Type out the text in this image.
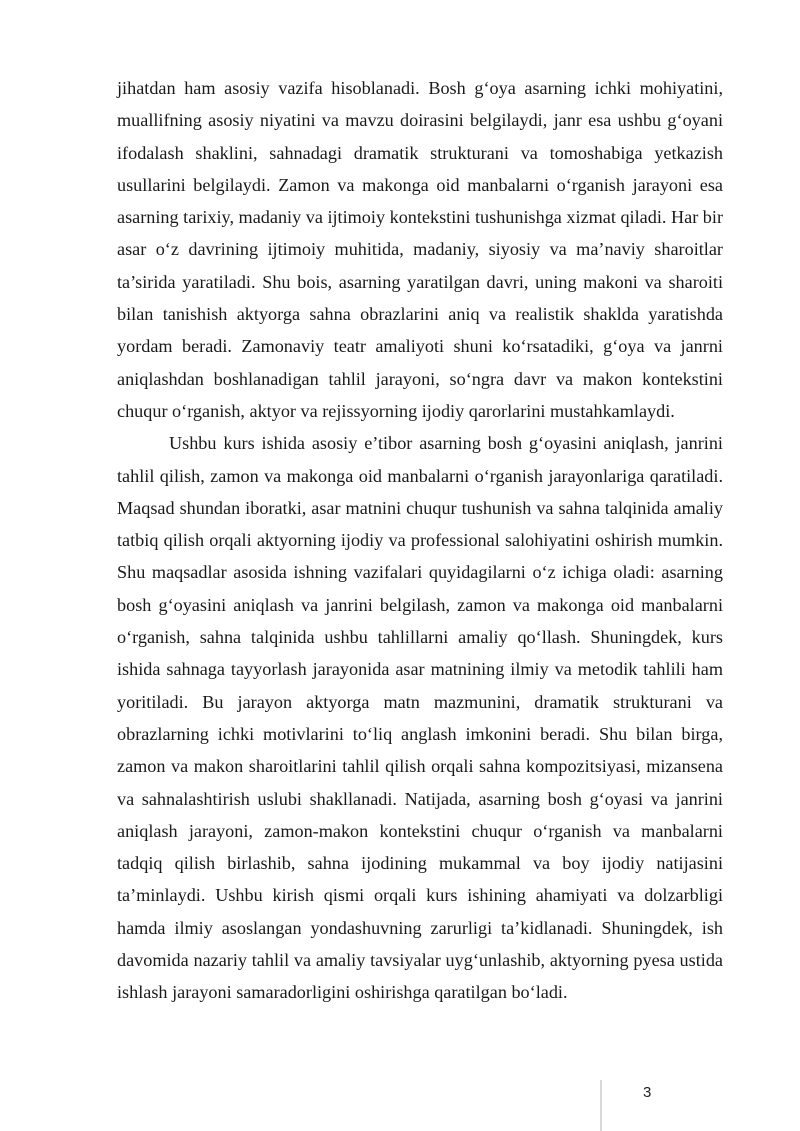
jihatdan ham asosiy vazifa hisoblanadi. Bosh g‘oya asarning ichki mohiyatini, muallifning asosiy niyatini va mavzu doirasini belgilaydi, janr esa ushbu g‘oyani ifodalash shaklini, sahnadagi dramatik strukturani va tomoshabiga yetkazish usullarini belgilaydi. Zamon va makonga oid manbalarni o‘rganish jarayoni esa asarning tarixiy, madaniy va ijtimoiy kontekstini tushunishga xizmat qiladi. Har bir asar o‘z davrining ijtimoiy muhitida, madaniy, siyosiy va ma’naviy sharoitlar ta’sirida yaratiladi. Shu bois, asarning yaratilgan davri, uning makoni va sharoiti bilan tanishish aktyorga sahna obrazlarini aniq va realistik shaklda yaratishda yordam beradi. Zamonaviy teatr amaliyoti shuni ko‘rsatadiki, g‘oya va janrni aniqlashdan boshlanadigan tahlil jarayoni, so‘ngra davr va makon kontekstini chuqur o‘rganish, aktyor va rejissyorning ijodiy qarorlarini mustahkamlaydi.

Ushbu kurs ishida asosiy e’tibor asarning bosh g‘oyasini aniqlash, janrini tahlil qilish, zamon va makonga oid manbalarni o‘rganish jarayonlariga qaratiladi. Maqsad shundan iboratki, asar matnini chuqur tushunish va sahna talqinida amaliy tatbiq qilish orqali aktyorning ijodiy va professional salohiyatini oshirish mumkin. Shu maqsadlar asosida ishning vazifalari quyidagilarni o‘z ichiga oladi: asarning bosh g‘oyasini aniqlash va janrini belgilash, zamon va makonga oid manbalarni o‘rganish, sahna talqinida ushbu tahlillarni amaliy qo‘llash. Shuningdek, kurs ishida sahnaga tayyorlash jarayonida asar matnining ilmiy va metodik tahlili ham yoritiladi. Bu jarayon aktyorga matn mazmunini, dramatik strukturani va obrazlarning ichki motivlarini to‘liq anglash imkonini beradi. Shu bilan birga, zamon va makon sharoitlarini tahlil qilish orqali sahna kompozitsiyasi, mizansena va sahnalashtirish uslubi shakllanadi. Natijada, asarning bosh g‘oyasi va janrini aniqlash jarayoni, zamon-makon kontekstini chuqur o‘rganish va manbalarni tadqiq qilish birlashib, sahna ijodining mukammal va boy ijodiy natijasini ta’minlaydi. Ushbu kirish qismi orqali kurs ishining ahamiyati va dolzarbligi hamda ilmiy asoslangan yondashuvning zarurligi ta’kidlanadi. Shuningdek, ish davomida nazariy tahlil va amaliy tavsiyalar uyg‘unlashib, aktyorning pyesa ustida ishlash jarayoni samaradorligini oshirishga qaratilgan bo‘ladi.

3
